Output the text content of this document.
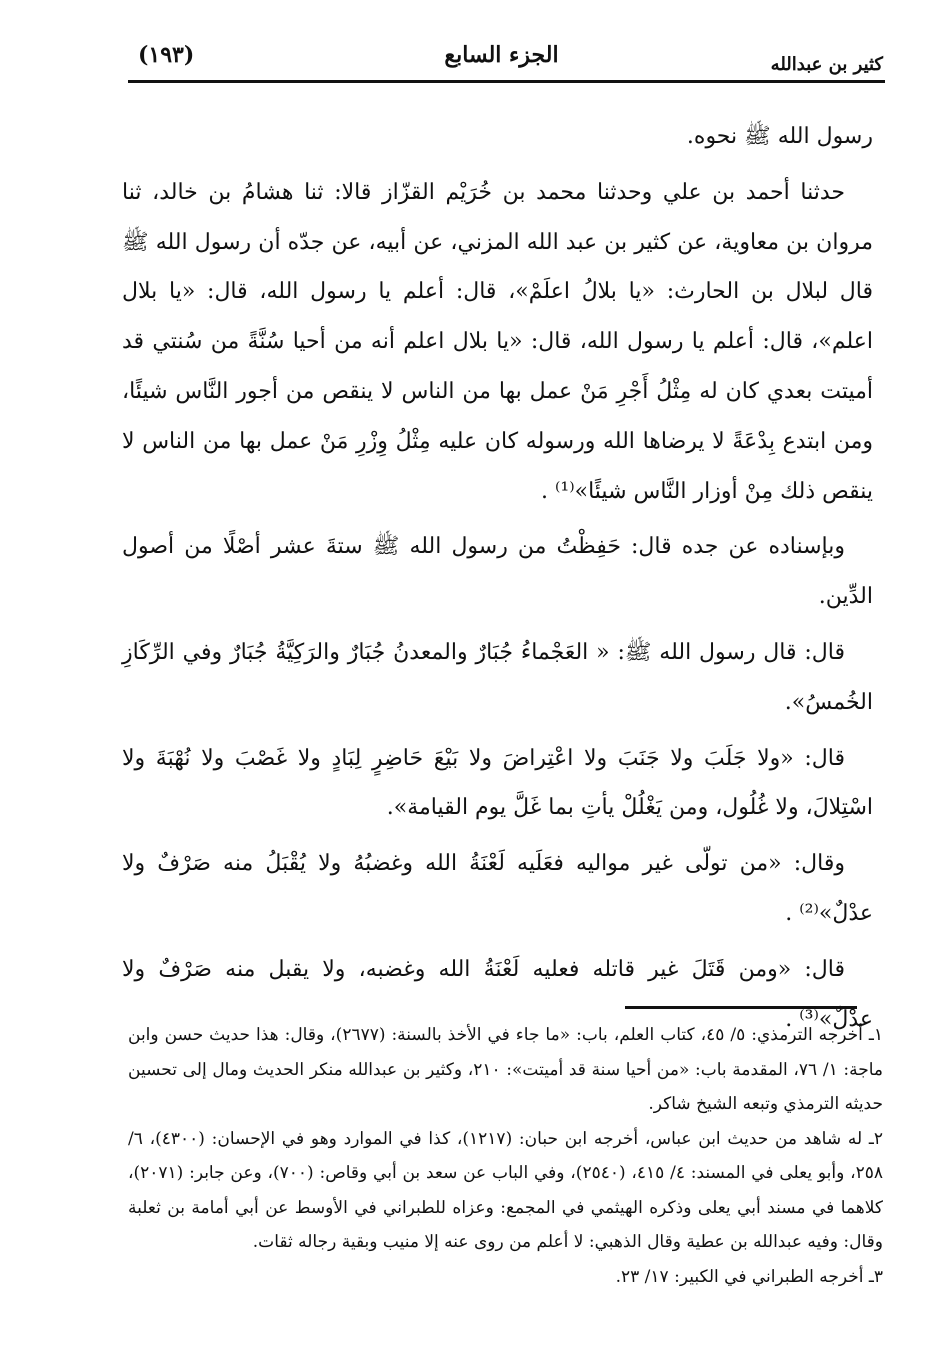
كثير بن عبدالله
الجزء السابع
(١٩٣)

رسول الله ﷺ نحوه.

حدثنا أحمد بن علي وحدثنا محمد بن خُرَيْم القزّاز قالا: ثنا هشامُ بن خالد، ثنا مروان بن معاوية، عن كثير بن عبد الله المزني، عن أبيه، عن جدّه أن رسول الله ﷺ قال لبلال بن الحارث: «يا بلالُ اعلَمْ»، قال: أعلم يا رسول الله، قال: «يا بلال اعلم»، قال: أعلم يا رسول الله، قال: «يا بلال اعلم أنه من أحيا سُنَّةً من سُنتي قد أميتت بعدي كان له مِثْلُ أَجْرِ مَنْ عمل بها من الناس لا ينقص من أجور النَّاس شيئًا، ومن ابتدع بِدْعَةً لا يرضاها الله ورسوله كان عليه مِثْلُ وِزْرِ مَنْ عمل بها من الناس لا ينقص ذلك مِنْ أوزار النَّاس شيئًا»⁽¹⁾ .

وبإسناده عن جده قال: حَفِظْتُ من رسول الله ﷺ ستةَ عشر أصْلًا من أصول الدِّين.

قال: قال رسول الله ﷺ: « العَجْماءُ جُبَارٌ والمعدنُ جُبَارٌ والرَكِيَّةُ جُبَارٌ وفي الرِّكَازِ الخُمسُ».

قال: «ولا جَلَبَ ولا جَنَبَ ولا اعْتِراضَ ولا بَيْعَ حَاضِرٍ لِبَادٍ ولا غَصْبَ ولا نُهْبَةَ ولا اسْتِلالَ، ولا غُلُول، ومن يَغْلُلْ يأتِ بما غَلَّ يوم القيامة».

وقال: «من تولّى غير مواليه فعَلَيه لَعْنَةُ الله وغضبُهُ ولا يُقْبَلُ منه صَرْفٌ ولا عدْلٌ»⁽²⁾ .

قال: «ومن قَتَلَ غير قاتله فعليه لَعْنَةُ الله وغضبه، ولا يقبل منه صَرْفٌ ولا عدْلٌ»⁽³⁾ .

١ـ أخرجه الترمذي: ٥/ ٤٥، كتاب العلم، باب: «ما جاء في الأخذ بالسنة: (٢٦٧٧)، وقال: هذا حديث حسن وابن ماجة: ١/ ٧٦، المقدمة باب: «من أحيا سنة قد أميتت»: ٢١٠، وكثير بن عبدالله منكر الحديث ومال إلى تحسين حديثه الترمذي وتبعه الشيخ شاكر.

٢ـ له شاهد من حديث ابن عباس، أخرجه ابن حبان: (١٢١٧)، كذا في الموارد وهو في الإحسان: (٤٣٠٠)، ٦/ ٢٥٨، وأبو يعلى في المسند: ٤/ ٤١٥، (٢٥٤٠)، وفي الباب عن سعد بن أبي وقاص: (٧٠٠)، وعن جابر: (٢٠٧١)، كلاهما في مسند أبي يعلى وذكره الهيثمي في المجمع: وعزاه للطبراني في الأوسط عن أبي أمامة بن ثعلبة وقال: وفيه عبدالله بن عطية وقال الذهبي: لا أعلم من روى عنه إلا منيب وبقية رجاله ثقات.

٣ـ أخرجه الطبراني في الكبير: ١٧/ ٢٣.
